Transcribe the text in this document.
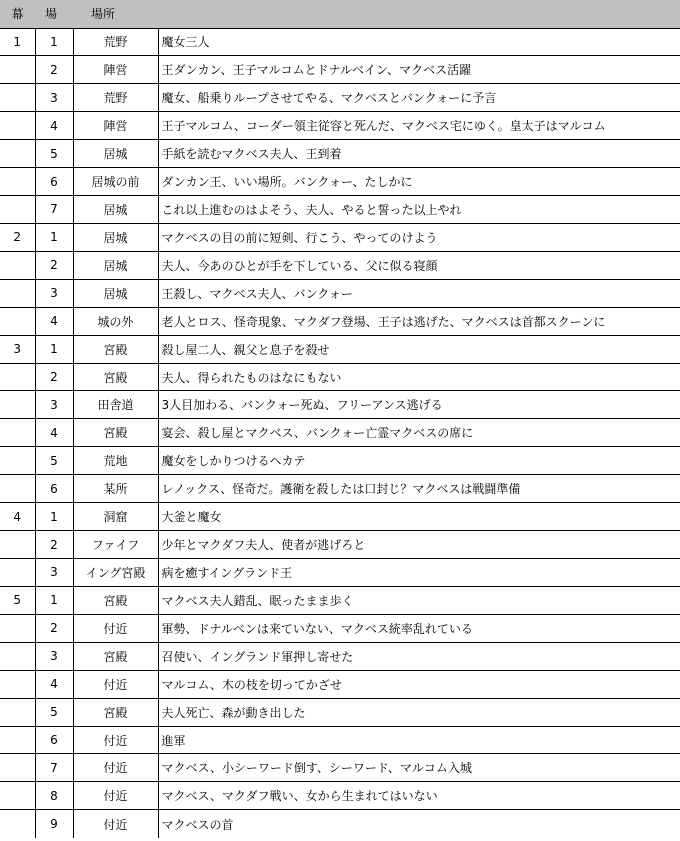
幕	場	場所	
1	1	荒野	魔女三人
	2	陣営	王ダンカン、王子マルコムとドナルベイン、マクベス活躍
	3	荒野	魔女、船乗りループさせてやる、マクベスとバンクォーに予言
	4	陣営	王子マルコム、コーダー領主従容と死んだ、マクベス宅にゆく。皇太子はマルコム
	5	居城	手紙を読むマクベス夫人、王到着
	6	居城の前	ダンカン王、いい場所。バンクォー、たしかに
	7	居城	これ以上進むのはよそう、夫人、やると誓った以上やれ
2	1	居城	マクベスの目の前に短剣、行こう、やってのけよう
	2	居城	夫人、今あのひとが手を下している、父に似る寝顔
	3	居城	王殺し、マクベス夫人、バンクォー
	4	城の外	老人とロス、怪奇現象、マクダフ登場、王子は逃げた、マクベスは首都スクーンに
3	1	宮殿	殺し屋二人、親父と息子を殺せ
	2	宮殿	夫人、得られたものはなにもない
	3	田舎道	3人目加わる、バンクォー死ぬ、フリーアンス逃げる
	4	宮殿	宴会、殺し屋とマクベス、バンクォー亡霊マクベスの席に
	5	荒地	魔女をしかりつけるヘカテ
	6	某所	レノックス、怪奇だ。護衛を殺したは口封じ？マクベスは戦闘準備
4	1	洞窟	大釜と魔女
	2	ファイフ	少年とマクダフ夫人、使者が逃げろと
	3	イング宮殿	病を癒すイングランド王
5	1	宮殿	マクベス夫人錯乱、眠ったまま歩く
	2	付近	軍勢、ドナルベンは来ていない、マクベス統率乱れている
	3	宮殿	召使い、イングランド軍押し寄せた
	4	付近	マルコム、木の枝を切ってかざせ
	5	宮殿	夫人死亡、森が動き出した
	6	付近	進軍
	7	付近	マクベス、小シーワード倒す、シーワード、マルコム入城
	8	付近	マクベス、マクダフ戦い、女から生まれてはいない
	9	付近	マクベスの首
